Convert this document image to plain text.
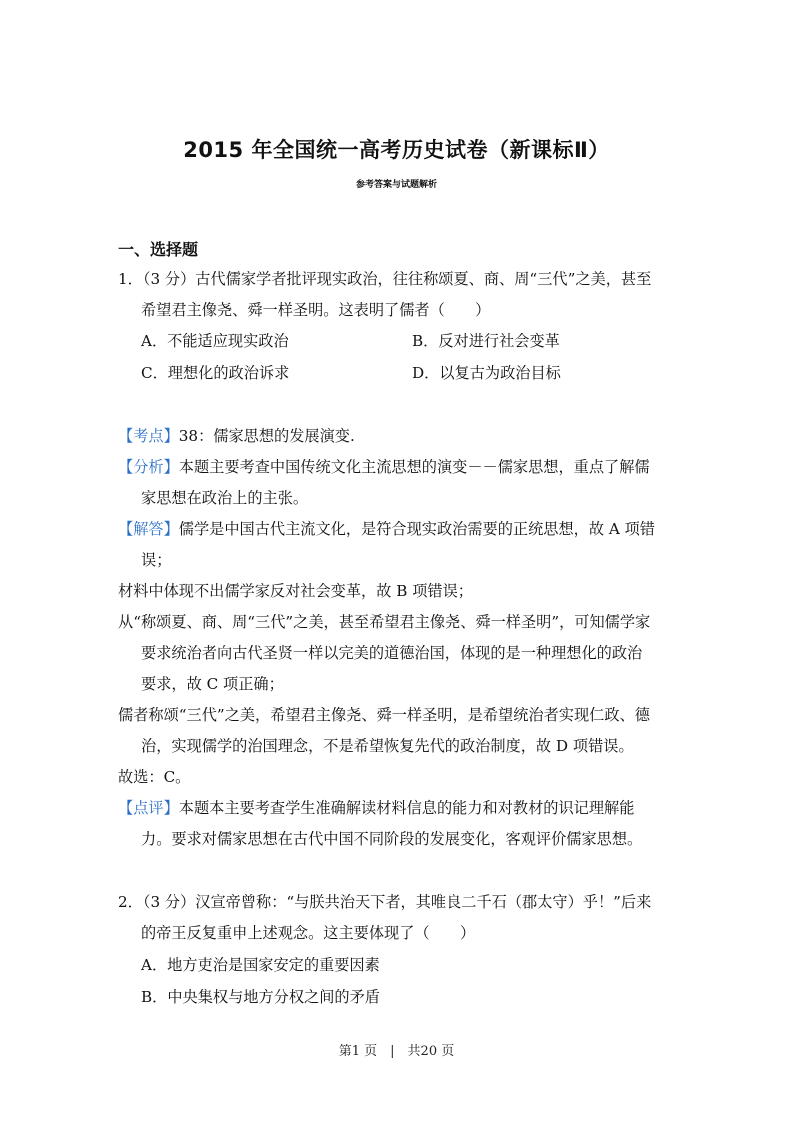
2015 年全国统一高考历史试卷（新课标Ⅱ）
参考答案与试题解析
一、选择题
1．（3 分）古代儒家学者批评现实政治，往往称颂夏、商、周“三代”之美，甚至
希望君主像尧、舜一样圣明。这表明了儒者（　　）
A．不能适应现实政治	B．反对进行社会变革
C．理想化的政治诉求	D．以复古为政治目标
【考点】38：儒家思想的发展演变.
【分析】本题主要考查中国传统文化主流思想的演变－－儒家思想，重点了解儒
家思想在政治上的主张。
【解答】儒学是中国古代主流文化，是符合现实政治需要的正统思想，故 A 项错
误；
材料中体现不出儒学家反对社会变革，故 B 项错误；
从“称颂夏、商、周“三代”之美，甚至希望君主像尧、舜一样圣明”，可知儒学家
要求统治者向古代圣贤一样以完美的道德治国，体现的是一种理想化的政治
要求，故 C 项正确；
儒者称颂“三代”之美，希望君主像尧、舜一样圣明，是希望统治者实现仁政、德
治，实现儒学的治国理念，不是希望恢复先代的政治制度，故 D 项错误。
故选：C。
【点评】本题本主要考查学生准确解读材料信息的能力和对教材的识记理解能
力。要求对儒家思想在古代中国不同阶段的发展变化，客观评价儒家思想。
2．（3 分）汉宣帝曾称：“与朕共治天下者，其唯良二千石（郡太守）乎！”后来
的帝王反复重申上述观念。这主要体现了（　　）
A．地方吏治是国家安定的重要因素
B．中央集权与地方分权之间的矛盾
第1 页　|　共20 页
